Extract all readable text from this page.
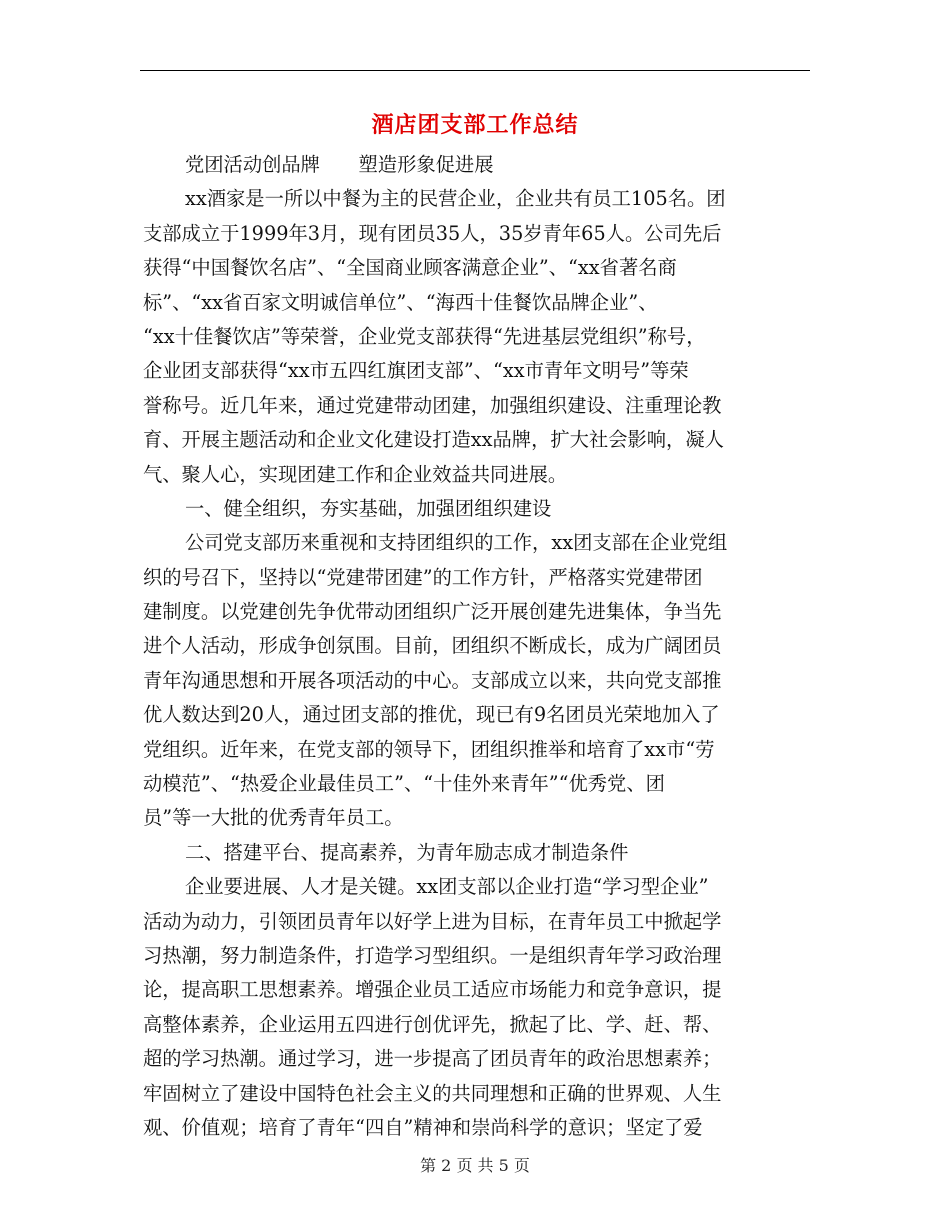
酒店团支部工作总结
党团活动创品牌　　塑造形象促进展
xx酒家是一所以中餐为主的民营企业，企业共有员工105名。团
支部成立于1999年3月，现有团员35人，35岁青年65人。公司先后
获得“中国餐饮名店”、“全国商业顾客满意企业”、“xx省著名商
标”、“xx省百家文明诚信单位”、“海西十佳餐饮品牌企业”、
“xx十佳餐饮店”等荣誉，企业党支部获得“先进基层党组织”称号，
企业团支部获得“xx市五四红旗团支部”、“xx市青年文明号”等荣
誉称号。近几年来，通过党建带动团建，加强组织建设、注重理论教
育、开展主题活动和企业文化建设打造xx品牌，扩大社会影响，凝人
气、聚人心，实现团建工作和企业效益共同进展。
一、健全组织，夯实基础，加强团组织建设
公司党支部历来重视和支持团组织的工作，xx团支部在企业党组
织的号召下，坚持以“党建带团建”的工作方针，严格落实党建带团
建制度。以党建创先争优带动团组织广泛开展创建先进集体，争当先
进个人活动，形成争创氛围。目前，团组织不断成长，成为广阔团员
青年沟通思想和开展各项活动的中心。支部成立以来，共向党支部推
优人数达到20人，通过团支部的推优，现已有9名团员光荣地加入了
党组织。近年来，在党支部的领导下，团组织推举和培育了xx市“劳
动模范”、“热爱企业最佳员工”、“十佳外来青年”“优秀党、团
员”等一大批的优秀青年员工。
二、搭建平台、提高素养，为青年励志成才制造条件
企业要进展、人才是关键。xx团支部以企业打造“学习型企业”
活动为动力，引领团员青年以好学上进为目标，在青年员工中掀起学
习热潮，努力制造条件，打造学习型组织。一是组织青年学习政治理
论，提高职工思想素养。增强企业员工适应市场能力和竞争意识，提
高整体素养，企业运用五四进行创优评先，掀起了比、学、赶、帮、
超的学习热潮。通过学习，进一步提高了团员青年的政治思想素养；
牢固树立了建设中国特色社会主义的共同理想和正确的世界观、人生
观、价值观；培育了青年“四自”精神和崇尚科学的意识；坚定了爱
第 2 页 共 5 页
